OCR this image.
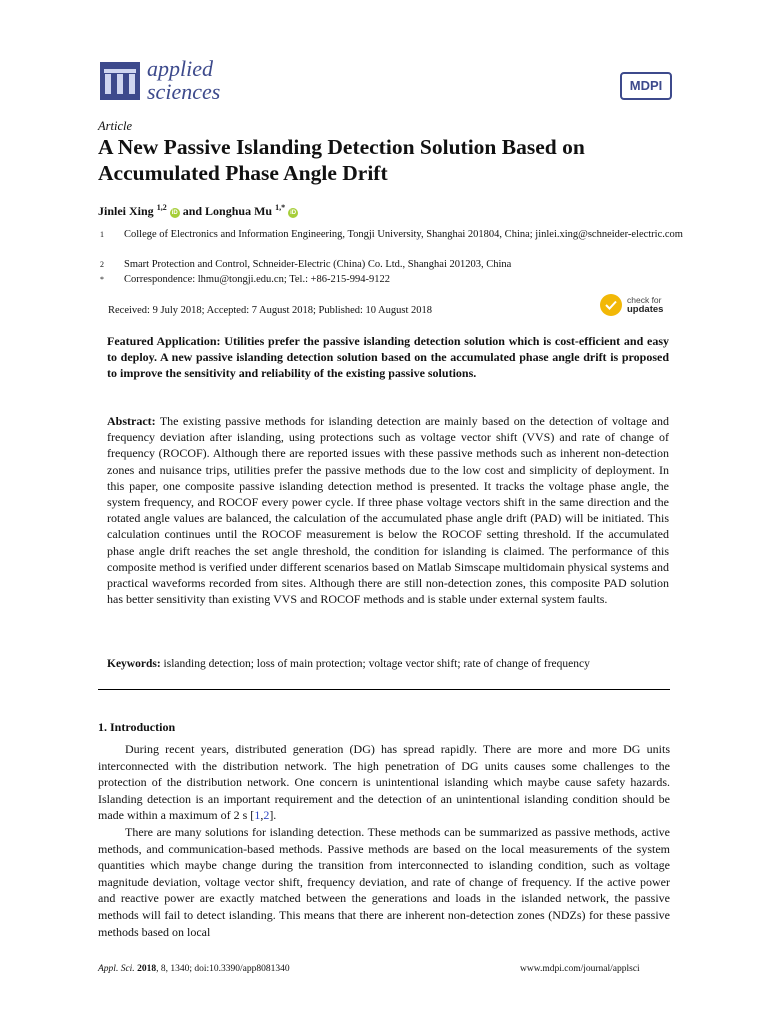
applied
sciences	MDPI
Article
A New Passive Islanding Detection Solution Based on Accumulated Phase Angle Drift
Jinlei Xing $^{1,2}$ iD and Longhua Mu $^{1,*}$ iD
1 College of Electronics and Information Engineering, Tongji University, Shanghai 201804, China; jinlei.xing@schneider-electric.com
2 Smart Protection and Control, Schneider-Electric (China) Co. Ltd., Shanghai 201203, China
* Correspondence: lhmu@tongji.edu.cn; Tel.: +86-215-994-9122
Received: 9 July 2018; Accepted: 7 August 2018; Published: 10 August 2018
check for
updates
Featured Application: Utilities prefer the passive islanding detection solution which is cost-efficient and easy to deploy. A new passive islanding detection solution based on the accumulated phase angle drift is proposed to improve the sensitivity and reliability of the existing passive solutions.
Abstract: The existing passive methods for islanding detection are mainly based on the detection of voltage and frequency deviation after islanding, using protections such as voltage vector shift (VVS) and rate of change of frequency (ROCOF). Although there are reported issues with these passive methods such as inherent non-detection zones and nuisance trips, utilities prefer the passive methods due to the low cost and simplicity of deployment. In this paper, one composite passive islanding detection method is presented. It tracks the voltage phase angle, the system frequency, and ROCOF every power cycle. If three phase voltage vectors shift in the same direction and the rotated angle values are balanced, the calculation of the accumulated phase angle drift (PAD) will be initiated. This calculation continues until the ROCOF measurement is below the ROCOF setting threshold. If the accumulated phase angle drift reaches the set angle threshold, the condition for islanding is claimed. The performance of this composite method is verified under different scenarios based on Matlab Simscape multidomain physical systems and practical waveforms recorded from sites. Although there are still non-detection zones, this composite PAD solution has better sensitivity than existing VVS and ROCOF methods and is stable under external system faults.
Keywords: islanding detection; loss of main protection; voltage vector shift; rate of change of frequency
1. Introduction
During recent years, distributed generation (DG) has spread rapidly. There are more and more DG units interconnected with the distribution network. The high penetration of DG units causes some challenges to the protection of the distribution network. One concern is unintentional islanding which maybe cause safety hazards. Islanding detection is an important requirement and the detection of an unintentional islanding condition should be made within a maximum of 2 s [1,2].
There are many solutions for islanding detection. These methods can be summarized as passive methods, active methods, and communication-based methods. Passive methods are based on the local measurements of the system quantities which maybe change during the transition from interconnected to islanding condition, such as voltage magnitude deviation, voltage vector shift, frequency deviation, and rate of change of frequency. If the active power and reactive power are exactly matched between the generations and loads in the islanded network, the passive methods will fail to detect islanding. This means that there are inherent non-detection zones (NDZs) for these passive methods based on local
Appl. Sci. 2018, 8, 1340; doi:10.3390/app8081340	www.mdpi.com/journal/applsci
